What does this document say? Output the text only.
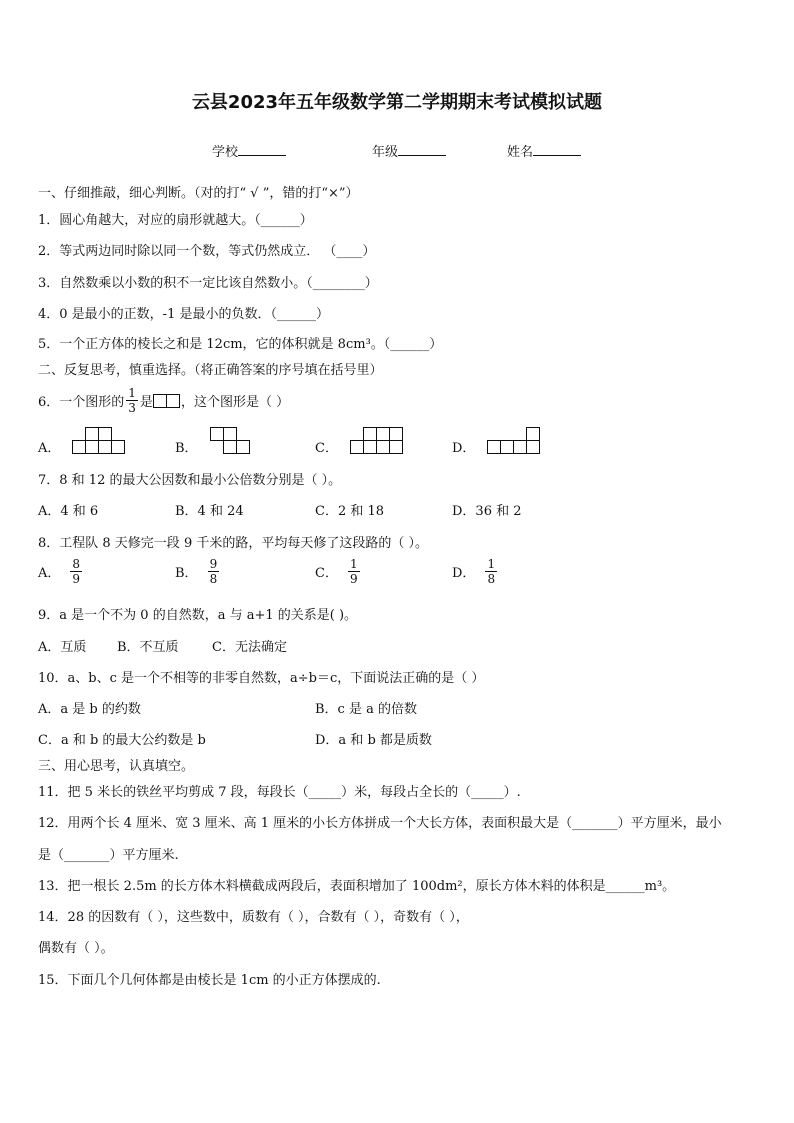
云县2023年五年级数学第二学期期末考试模拟试题
学校	年级	姓名
一、仔细推敲，细心判断。（对的打“ √ ”，错的打“×”）
1．圆心角越大，对应的扇形就越大。（______）
2．等式两边同时除以同一个数，等式仍然成立． （____）
3．自然数乘以小数的积不一定比该自然数小。（________）
4．0 是最小的正数，-1 是最小的负数．（______）
5．一个正方体的棱长之和是 12cm，它的体积就是 8cm³。（______）
二、反复思考，慎重选择。（将正确答案的序号填在括号里）
6．一个图形的 $\frac{1}{3}$ 是 ，这个图形是（ ）
A．	B．	C．	D．
7．8 和 12 的最大公因数和最小公倍数分别是（ ）。
A．4 和 6	B．4 和 24	C．2 和 18	D．36 和 2
8．工程队 8 天修完一段 9 千米的路，平均每天修了这段路的（ ）。
A． $\frac{8}{9}$	B． $\frac{9}{8}$	C． $\frac{1}{9}$	D． $\frac{1}{8}$
9．a 是一个不为 0 的自然数，a 与 a+1 的关系是( )。
A．互质 B．不互质	C．无法确定
10．a、b、c 是一个不相等的非零自然数，a÷b＝c，下面说法正确的是（ ）
A．a 是 b 的约数	B．c 是 a 的倍数
C．a 和 b 的最大公约数是 b	D．a 和 b 都是质数
三、用心思考，认真填空。
11．把 5 米长的铁丝平均剪成 7 段，每段长（_____）米，每段占全长的（_____）.
12．用两个长 4 厘米、宽 3 厘米、高 1 厘米的小长方体拼成一个大长方体，表面积最大是（_______）平方厘米，最小
是（_______）平方厘米.
13．把一根长 2.5m 的长方体木料横截成两段后，表面积增加了 100dm²，原长方体木料的体积是______m³。
14．28 的因数有（ ），这些数中，质数有（ ），合数有（ ），奇数有（ ），
偶数有（ ）。
15．下面几个几何体都是由棱长是 1cm 的小正方体摆成的.
